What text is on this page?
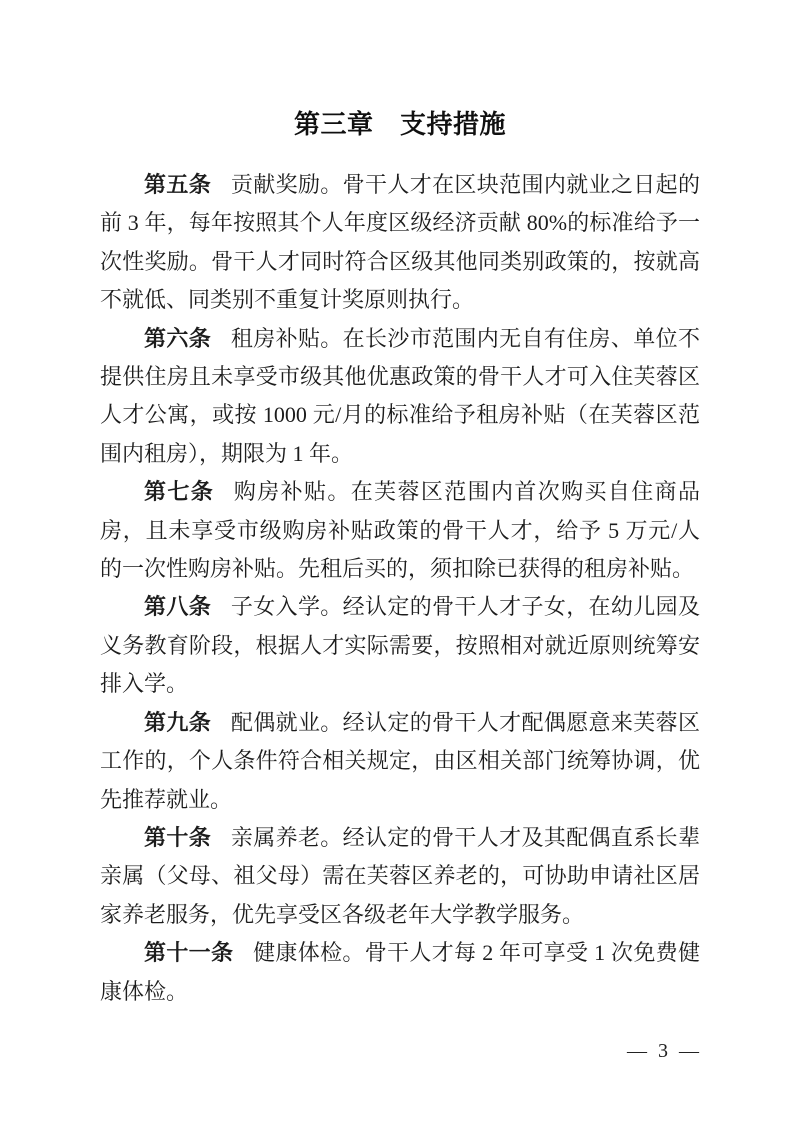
第三章　支持措施

第五条 贡献奖励。骨干人才在区块范围内就业之日起的前 3 年，每年按照其个人年度区级经济贡献 80%的标准给予一次性奖励。骨干人才同时符合区级其他同类别政策的，按就高不就低、同类别不重复计奖原则执行。

第六条 租房补贴。在长沙市范围内无自有住房、单位不提供住房且未享受市级其他优惠政策的骨干人才可入住芙蓉区人才公寓，或按 1000 元/月的标准给予租房补贴（在芙蓉区范围内租房），期限为 1 年。

第七条 购房补贴。在芙蓉区范围内首次购买自住商品房，且未享受市级购房补贴政策的骨干人才，给予 5 万元/人的一次性购房补贴。先租后买的，须扣除已获得的租房补贴。

第八条 子女入学。经认定的骨干人才子女，在幼儿园及义务教育阶段，根据人才实际需要，按照相对就近原则统筹安排入学。

第九条 配偶就业。经认定的骨干人才配偶愿意来芙蓉区工作的，个人条件符合相关规定，由区相关部门统筹协调，优先推荐就业。

第十条 亲属养老。经认定的骨干人才及其配偶直系长辈亲属（父母、祖父母）需在芙蓉区养老的，可协助申请社区居家养老服务，优先享受区各级老年大学教学服务。

第十一条 健康体检。骨干人才每 2 年可享受 1 次免费健康体检。

— 3 —
